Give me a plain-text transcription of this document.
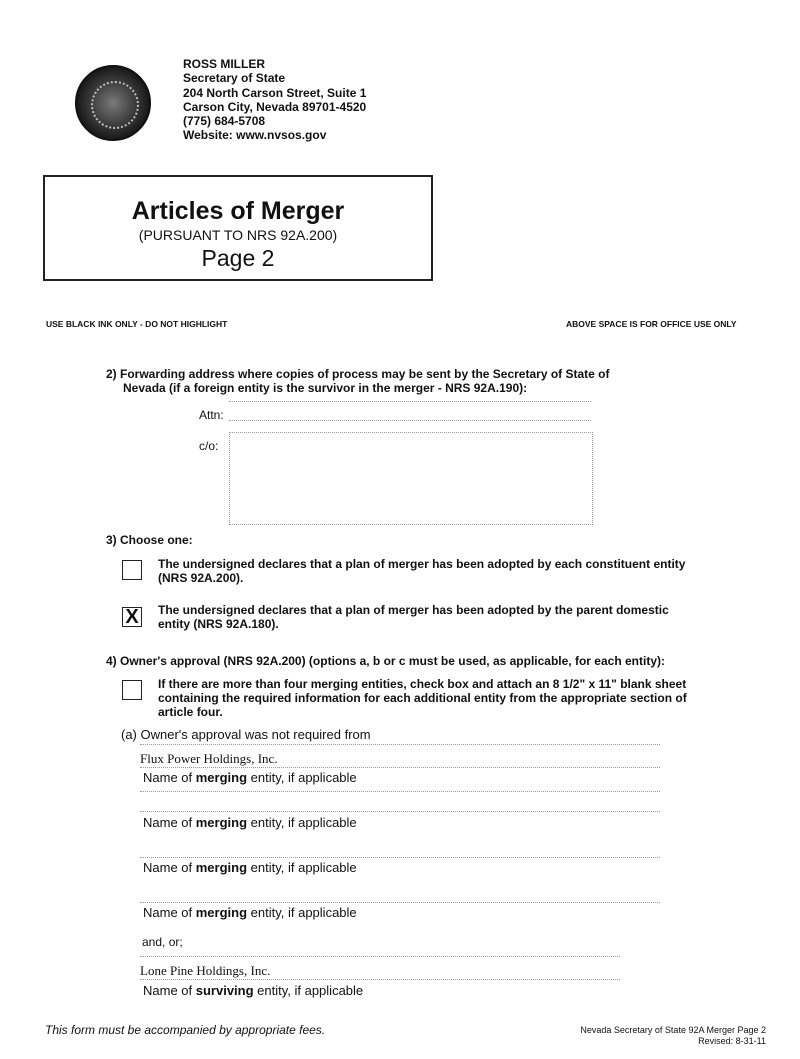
ROSS MILLER
Secretary of State
204 North Carson Street, Suite 1
Carson City, Nevada 89701-4520
(775) 684-5708
Website: www.nvsos.gov
Articles of Merger
(PURSUANT TO NRS 92A.200)
Page 2
USE BLACK INK ONLY - DO NOT HIGHLIGHT	ABOVE SPACE IS FOR OFFICE USE ONLY
2) Forwarding address where copies of process may be sent by the Secretary of State of
Nevada (if a foreign entity is the survivor in the merger - NRS 92A.190):
Attn:
c/o:
3) Choose one:
The undersigned declares that a plan of merger has been adopted by each constituent entity
(NRS 92A.200).
X The undersigned declares that a plan of merger has been adopted by the parent domestic
entity (NRS 92A.180).
4) Owner's approval (NRS 92A.200) (options a, b or c must be used, as applicable, for each entity):
If there are more than four merging entities, check box and attach an 8 1/2" x 11" blank sheet
containing the required information for each additional entity from the appropriate section of
article four.
(a) Owner's approval was not required from
Flux Power Holdings, Inc.
Name of merging entity, if applicable
Name of merging entity, if applicable
Name of merging entity, if applicable
Name of merging entity, if applicable
and, or;
Lone Pine Holdings, Inc.
Name of surviving entity, if applicable
This form must be accompanied by appropriate fees.	Nevada Secretary of State 92A Merger Page 2
Revised: 8-31-11
